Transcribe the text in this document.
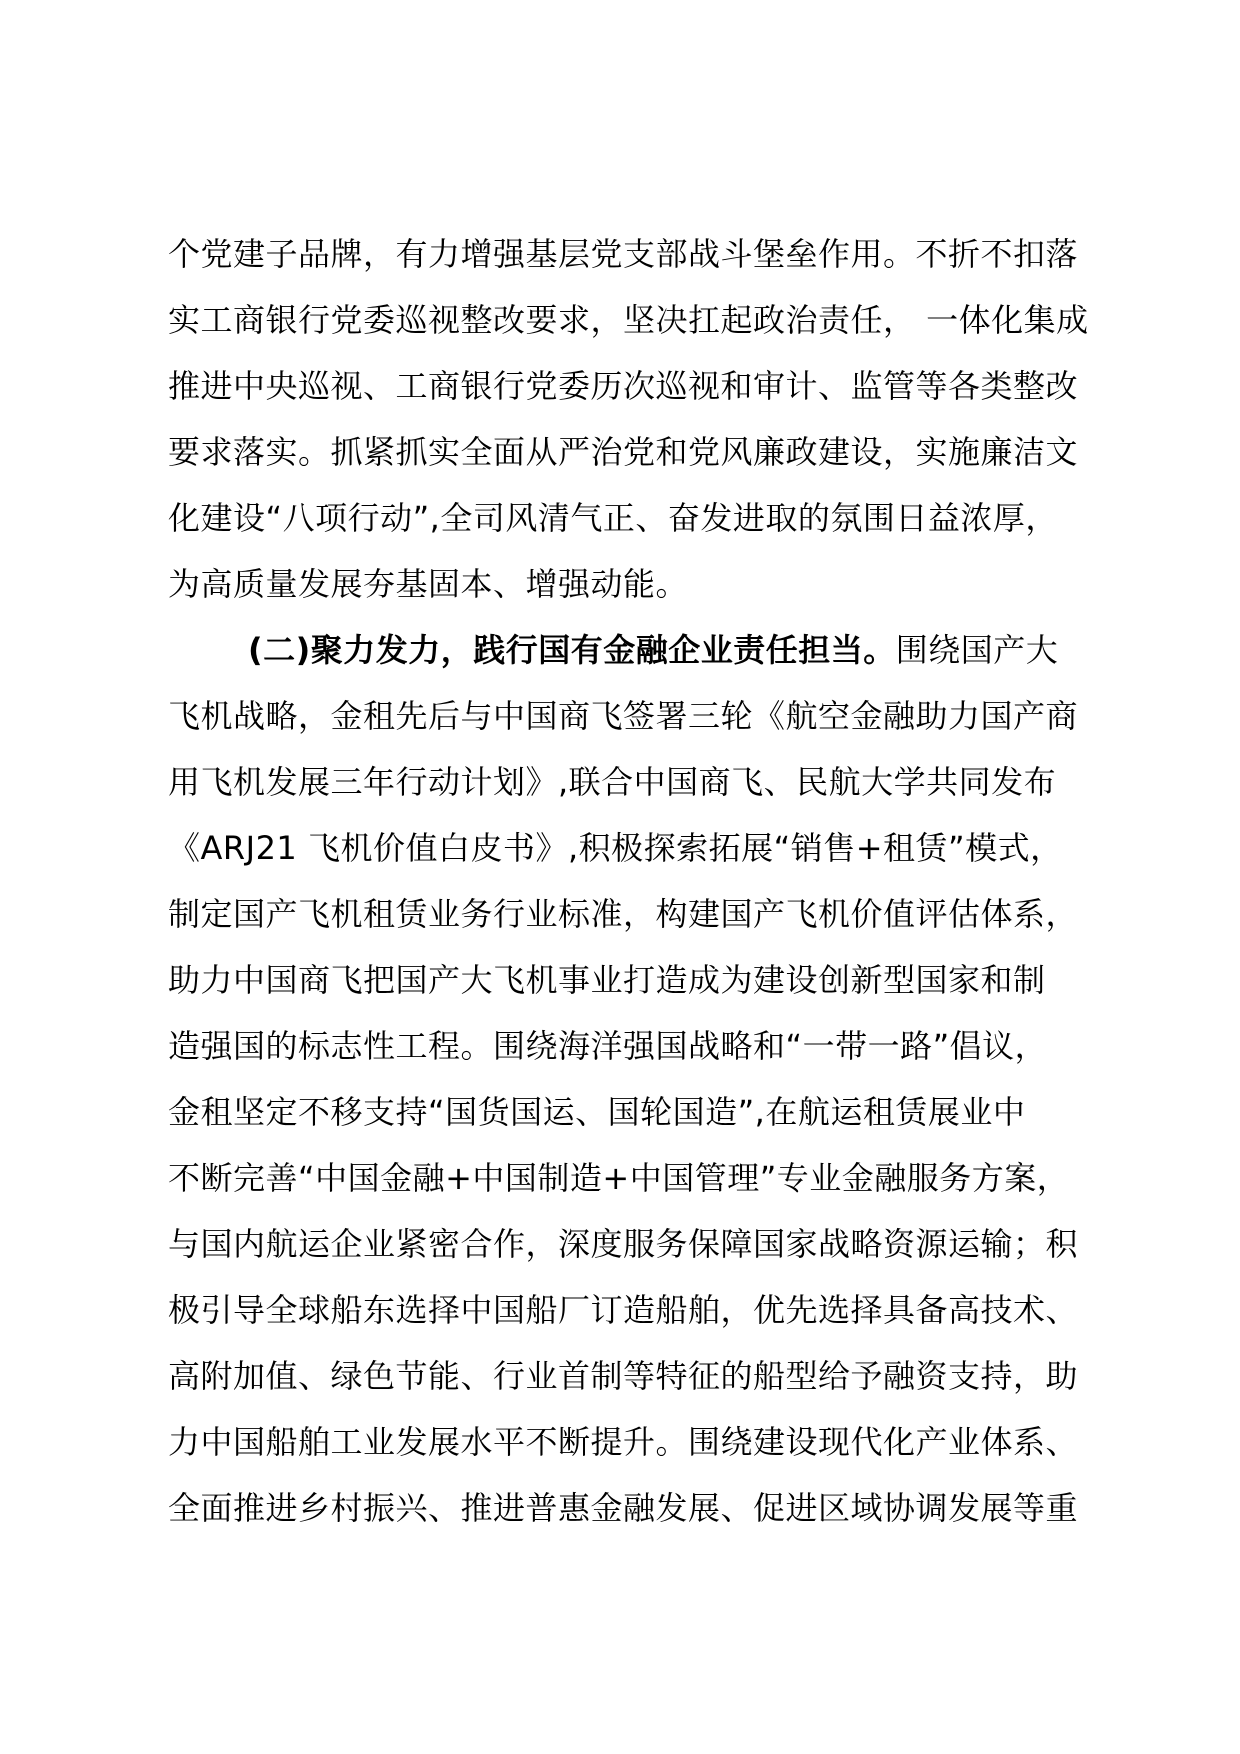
个党建子品牌，有力增强基层党支部战斗堡垒作用。不折不扣落
实工商银行党委巡视整改要求，坚决扛起政治责任， 一体化集成
推进中央巡视、工商银行党委历次巡视和审计、监管等各类整改
要求落实。抓紧抓实全面从严治党和党风廉政建设，实施廉洁文
化建设“八项行动”,全司风清气正、奋发进取的氛围日益浓厚，
为高质量发展夯基固本、增强动能。
(二)聚力发力，践行国有金融企业责任担当。围绕国产大
飞机战略，金租先后与中国商飞签署三轮《航空金融助力国产商
用飞机发展三年行动计划》,联合中国商飞、民航大学共同发布
《ARJ21 飞机价值白皮书》,积极探索拓展“销售+租赁”模式，
制定国产飞机租赁业务行业标准，构建国产飞机价值评估体系，
助力中国商飞把国产大飞机事业打造成为建设创新型国家和制
造强国的标志性工程。围绕海洋强国战略和“一带一路”倡议，
金租坚定不移支持“国货国运、国轮国造”,在航运租赁展业中
不断完善“中国金融+中国制造+中国管理”专业金融服务方案，
与国内航运企业紧密合作，深度服务保障国家战略资源运输；积
极引导全球船东选择中国船厂订造船舶，优先选择具备高技术、
高附加值、绿色节能、行业首制等特征的船型给予融资支持，助
力中国船舶工业发展水平不断提升。围绕建设现代化产业体系、
全面推进乡村振兴、推进普惠金融发展、促进区域协调发展等重
